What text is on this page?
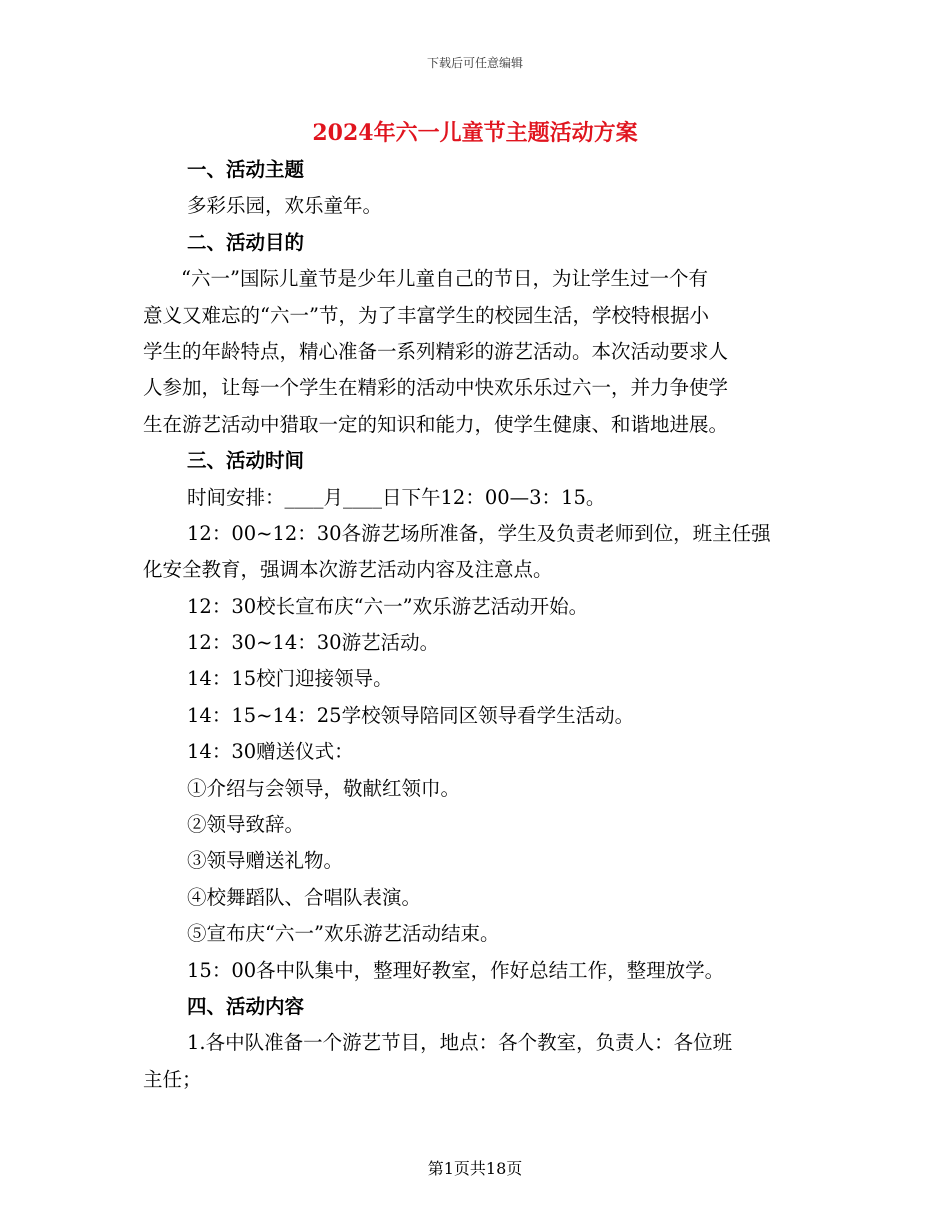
下载后可任意编辑
2024年六一儿童节主题活动方案
一、活动主题
多彩乐园，欢乐童年。
二、活动目的
“六一”国际儿童节是少年儿童自己的节日，为让学生过一个有
意义又难忘的“六一”节，为了丰富学生的校园生活，学校特根据小
学生的年龄特点，精心准备一系列精彩的游艺活动。本次活动要求人
人参加，让每一个学生在精彩的活动中快欢乐乐过六一，并力争使学
生在游艺活动中猎取一定的知识和能力，使学生健康、和谐地进展。
三、活动时间
时间安排：____月____日下午12：00—3：15。
12：00~12：30各游艺场所准备，学生及负责老师到位，班主任强
化安全教育，强调本次游艺活动内容及注意点。
12：30校长宣布庆“六一”欢乐游艺活动开始。
12：30~14：30游艺活动。
14：15校门迎接领导。
14：15~14：25学校领导陪同区领导看学生活动。
14：30赠送仪式：
①介绍与会领导，敬献红领巾。
②领导致辞。
③领导赠送礼物。
④校舞蹈队、合唱队表演。
⑤宣布庆“六一”欢乐游艺活动结束。
15：00各中队集中，整理好教室，作好总结工作，整理放学。
四、活动内容
1.各中队准备一个游艺节目，地点：各个教室，负责人：各位班
主任；
第1页共18页
